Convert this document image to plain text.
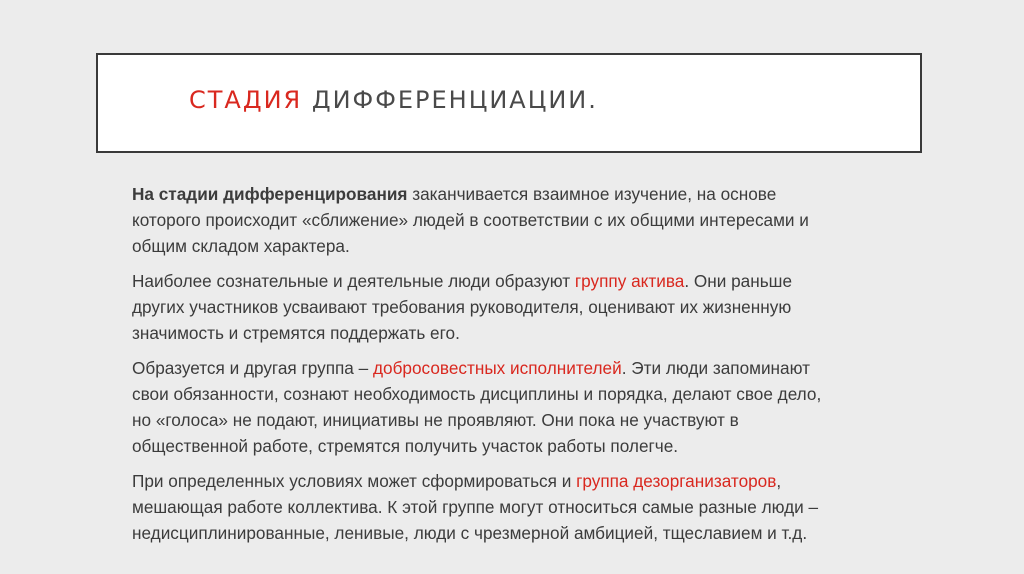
СТАДИЯ ДИФФЕРЕНЦИАЦИИ.

На стадии дифференцирования заканчивается взаимное изучение, на основе
которого происходит «сближение» людей в соответствии с их общими интересами и
общим складом характера.

Наиболее сознательные и деятельные люди образуют группу актива. Они раньше
других участников усваивают требования руководителя, оценивают их жизненную
значимость и стремятся поддержать его.

Образуется и другая группа – добросовестных исполнителей. Эти люди запоминают
свои обязанности, сознают необходимость дисциплины и порядка, делают свое дело,
но «голоса» не подают, инициативы не проявляют. Они пока не участвуют в
общественной работе, стремятся получить участок работы полегче.

При определенных условиях может сформироваться и группа дезорганизаторов,
мешающая работе коллектива. К этой группе могут относиться самые разные люди –
недисциплинированные, ленивые, люди с чрезмерной амбицией, тщеславием и т.д.
